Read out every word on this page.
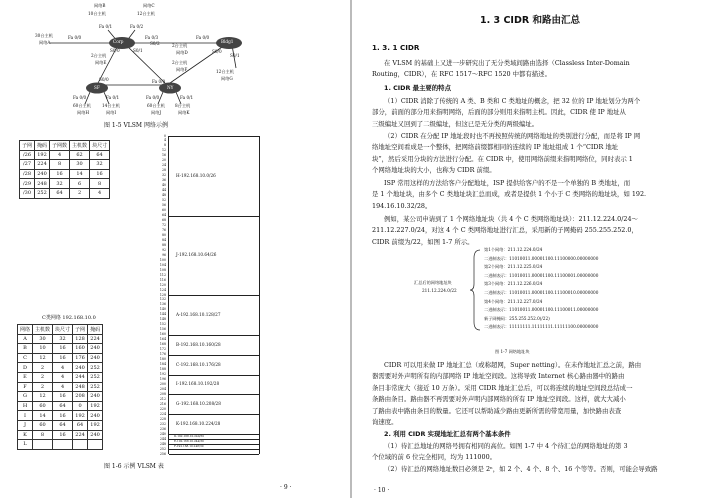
网络B
10台主机
网络C
12台主机
30台主机
网络A	Corp	Bldg1
2台主机
网络E
2台主机
网络D
2台主机
网络F	12台主机
网络G
SF	NY
60台主机
网络H
14台主机
网络I
60台主机
网络J
8台主机
网络K
Fa 0/1	Fa 0/2
Fa 0/0	Fa 0/3	Fa 0/0
S0/0	S0/1
S0/2
S0/0
S0/1
S0/0
Fa 0/0	Fa 0/1	Fa 0/0	Fa 0/1
Fa 0/0
图 1-5 VLSM 网络示例
子网	掩码	子网数	主机数	块尺寸
/26	192	4	62	64
/27	224	8	30	32
/28	240	16	14	16
/29	248	32	6	8
/30	252	64	2	4
0
4
8
12
16
20
24
28
32
36
40
44
48
52
56
60
64
68
72
76
80
84
88
92
96
100
104
108
112
116
120
124
128
132
136
140
144
148
152
156
160
164
168
172
176
180
184
188
192
196
200
204
208
212
216
220
224
228
232
236
240
244
248
252
256
H-192.168.10.0/26
J-192.168.10.64/26
A-192.168.10.128/27
B-192.168.10.160/28
C-192.168.10.176/28
I-192.168.10.192/28
G-192.168.10.208/28
K-192.168.10.224/28
D-192.168.10.240/30
E-192.168.10.244/30
F-192.168.10.248/30
C类网络 192.168.10.0
网络	主机数	块尺寸	子网	掩码
A	30	32	128	224
B	10	16	160	240
C	12	16	176	240
D	2	4	240	252
E	2	4	244	252
F	2	4	248	252
G	12	16	208	240
H	60	64	0	192
I	14	16	192	240
J	60	64	64	192
K	8	16	224	240
L				
图 1-6 示例 VLSM 表
· 9 ·
1. 3 CIDR 和路由汇总
1. 3. 1 CIDR
在 VLSM 的基础上又进一步研究出了无分类域间路由选择（Classless Inter-Domain
Routing，CIDR），在 RFC 1517～RFC 1520 中都有描述。
1. CIDR 最主要的特点
（1）CIDR 消除了传统的 A 类、B 类和 C 类地址的概念，把 32 位的 IP 地址划分为两个
部分，前面的部分用来指明网络，后面的部分则用来指明主机。因此，CIDR 使 IP 地址从
三级编址又回到了二级编址，但这已是无分类的两级编址。
（2）CIDR 在分配 IP 地址段时也不再按照传统的网络地址的类别进行分配，而是将 IP 网
络地址空间看成是一个整体，把网络前缀都相同的连续的 IP 地址组成 1 个“CIDR 地址
块”，然后采用分块的方法进行分配。在 CIDR 中，使用网络前缀来指明网络位，同时表示 1
个网络地址块的大小，也称为 CIDR 前缀。
ISP 常用这样的方法给客户分配地址，ISP 提供给客户的不是一个单独的 B 类地址，而
是 1 个地址块，由多个 C 类地址块汇总而成，或者是提供 1 个小于 C 类网络的地址块，如 192.
194.16.10.32/28。
例如，某公司申请到了 1 个网络地址块（共 4 个 C 类网络地址块）：211.12.224.0/24～
211.12.227.0/24，对这 4 个 C 类网络地址进行汇总，采用新的子网掩码 255.255.252.0，
CIDR 前缀为/22，如图 1-7 所示。
汇总后的网络地址块
211.12.224.0/22
第1个网络：211.12.224.0/24
二进制表示：11010011.00001100.11100000.00000000
第2个网络：211.12.225.0/24
二进制表示：11010011.00001100.11100001.00000000
第3个网络：211.12.226.0/24
二进制表示：11010011.00001100.11100010.00000000
第4个网络：211.12.227.0/24
二进制表示：11010011.00001100.11100011.00000000
新子网掩码：255.255.252.0(/22)
二进制表示：11111111.11111111.11111100.00000000
图 1-7 网络地址块
CIDR 可以用来做 IP 地址汇总（或称超网，Super netting）。在未作地址汇总之前，路由
器需要对外声明所有的内部网络 IP 地址空间段。这将导致 Internet 核心路由器中的路由
条目非常庞大（接近 10 万条）。采用 CIDR 地址汇总后，可以将连续的地址空间段总结成一
条路由条目。路由器不再需要对外声明内部网络的所有 IP 地址空间段。这样，就大大减小
了路由表中路由条目的数量。它还可以帮助减少路由更新所需的带宽用量，加快路由表查
询速度。
2. 利用 CIDR 实现地址汇总有两个基本条件
（1）待汇总地址的网络号拥有相同的高位。如图 1-7 中 4 个待汇总的网络地址的第 3
个位域的前 6 位完全相同，均为 111000。
（2）待汇总的网络地址数目必须是 2ⁿ，如 2 个、4 个、8 个、16 个等等。否则，可能会导致路
· 10 ·
